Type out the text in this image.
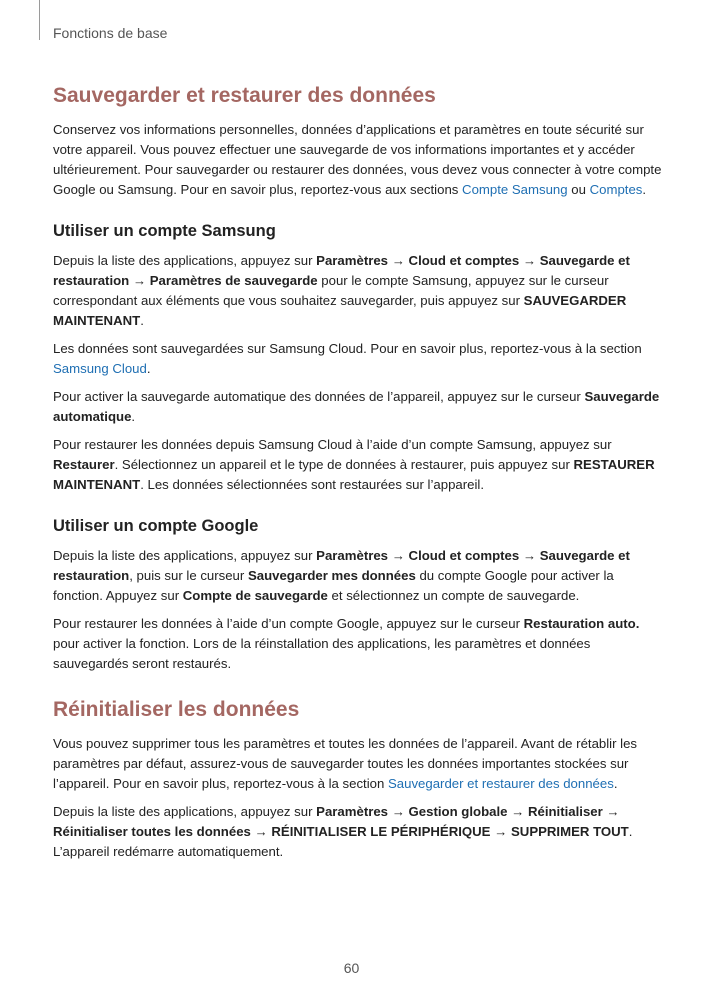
Fonctions de base
Sauvegarder et restaurer des données

Conservez vos informations personnelles, données d’applications et paramètres en toute sécurité sur votre appareil. Vous pouvez effectuer une sauvegarde de vos informations importantes et y accéder ultérieurement. Pour sauvegarder ou restaurer des données, vous devez vous connecter à votre compte Google ou Samsung. Pour en savoir plus, reportez-vous aux sections Compte Samsung ou Comptes.

Utiliser un compte Samsung

Depuis la liste des applications, appuyez sur Paramètres → Cloud et comptes → Sauvegarde et restauration → Paramètres de sauvegarde pour le compte Samsung, appuyez sur le curseur correspondant aux éléments que vous souhaitez sauvegarder, puis appuyez sur SAUVEGARDER MAINTENANT.

Les données sont sauvegardées sur Samsung Cloud. Pour en savoir plus, reportez-vous à la section Samsung Cloud.

Pour activer la sauvegarde automatique des données de l’appareil, appuyez sur le curseur Sauvegarde automatique.

Pour restaurer les données depuis Samsung Cloud à l’aide d’un compte Samsung, appuyez sur Restaurer. Sélectionnez un appareil et le type de données à restaurer, puis appuyez sur RESTAURER MAINTENANT. Les données sélectionnées sont restaurées sur l’appareil.

Utiliser un compte Google

Depuis la liste des applications, appuyez sur Paramètres → Cloud et comptes → Sauvegarde et restauration, puis sur le curseur Sauvegarder mes données du compte Google pour activer la fonction. Appuyez sur Compte de sauvegarde et sélectionnez un compte de sauvegarde.

Pour restaurer les données à l’aide d’un compte Google, appuyez sur le curseur Restauration auto. pour activer la fonction. Lors de la réinstallation des applications, les paramètres et données sauvegardés seront restaurés.

Réinitialiser les données

Vous pouvez supprimer tous les paramètres et toutes les données de l’appareil. Avant de rétablir les paramètres par défaut, assurez-vous de sauvegarder toutes les données importantes stockées sur l’appareil. Pour en savoir plus, reportez-vous à la section Sauvegarder et restaurer des données.

Depuis la liste des applications, appuyez sur Paramètres → Gestion globale → Réinitialiser → Réinitialiser toutes les données → RÉINITIALISER LE PÉRIPHÉRIQUE → SUPPRIMER TOUT.
L’appareil redémarre automatiquement.

60
